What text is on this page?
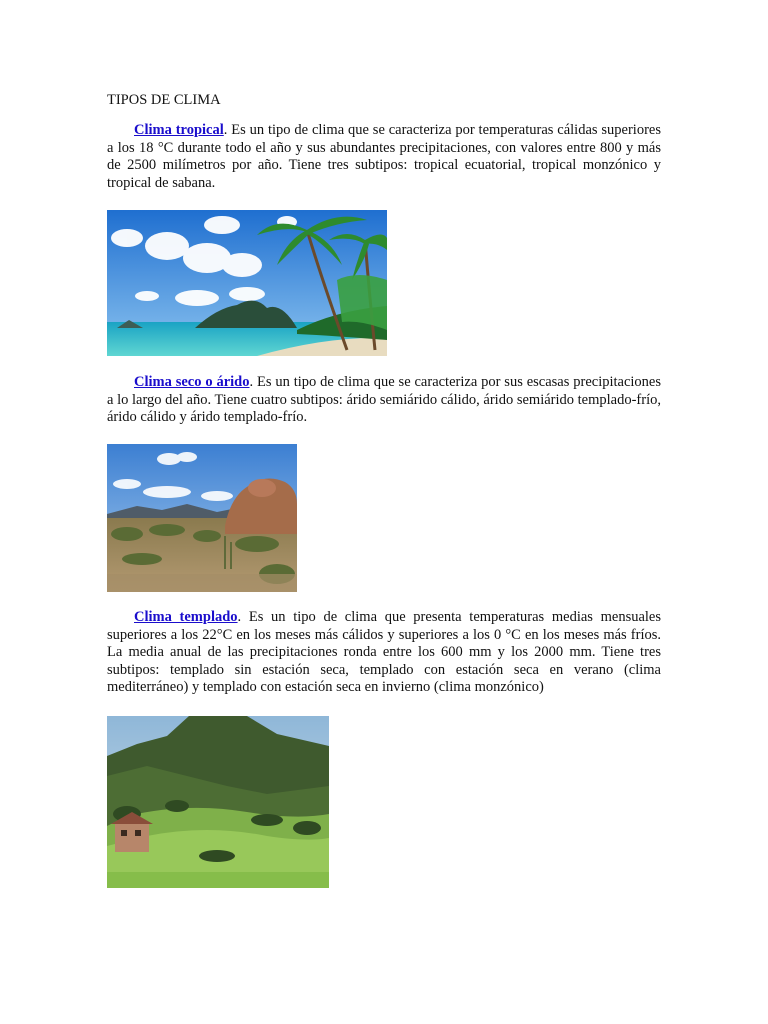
TIPOS DE CLIMA

Clima tropical. Es un tipo de clima que se caracteriza por temperaturas cálidas superiores a los 18 °C durante todo el año y sus abundantes precipitaciones, con valores entre 800 y más de 2500 milímetros por año. Tiene tres subtipos: tropical ecuatorial, tropical monzónico y tropical de sabana.

Clima seco o árido. Es un tipo de clima que se caracteriza por sus escasas precipitaciones a lo largo del año. Tiene cuatro subtipos: árido semiárido cálido, árido semiárido templado-frío, árido cálido y árido templado-frío.

Clima templado. Es un tipo de clima que presenta temperaturas medias mensuales superiores a los 22°C en los meses más cálidos y superiores a los 0 °C en los meses más fríos. La media anual de las precipitaciones ronda entre los 600 mm y los 2000 mm. Tiene tres subtipos: templado sin estación seca, templado con estación seca en verano (clima mediterráneo) y templado con estación seca en invierno (clima monzónico)
